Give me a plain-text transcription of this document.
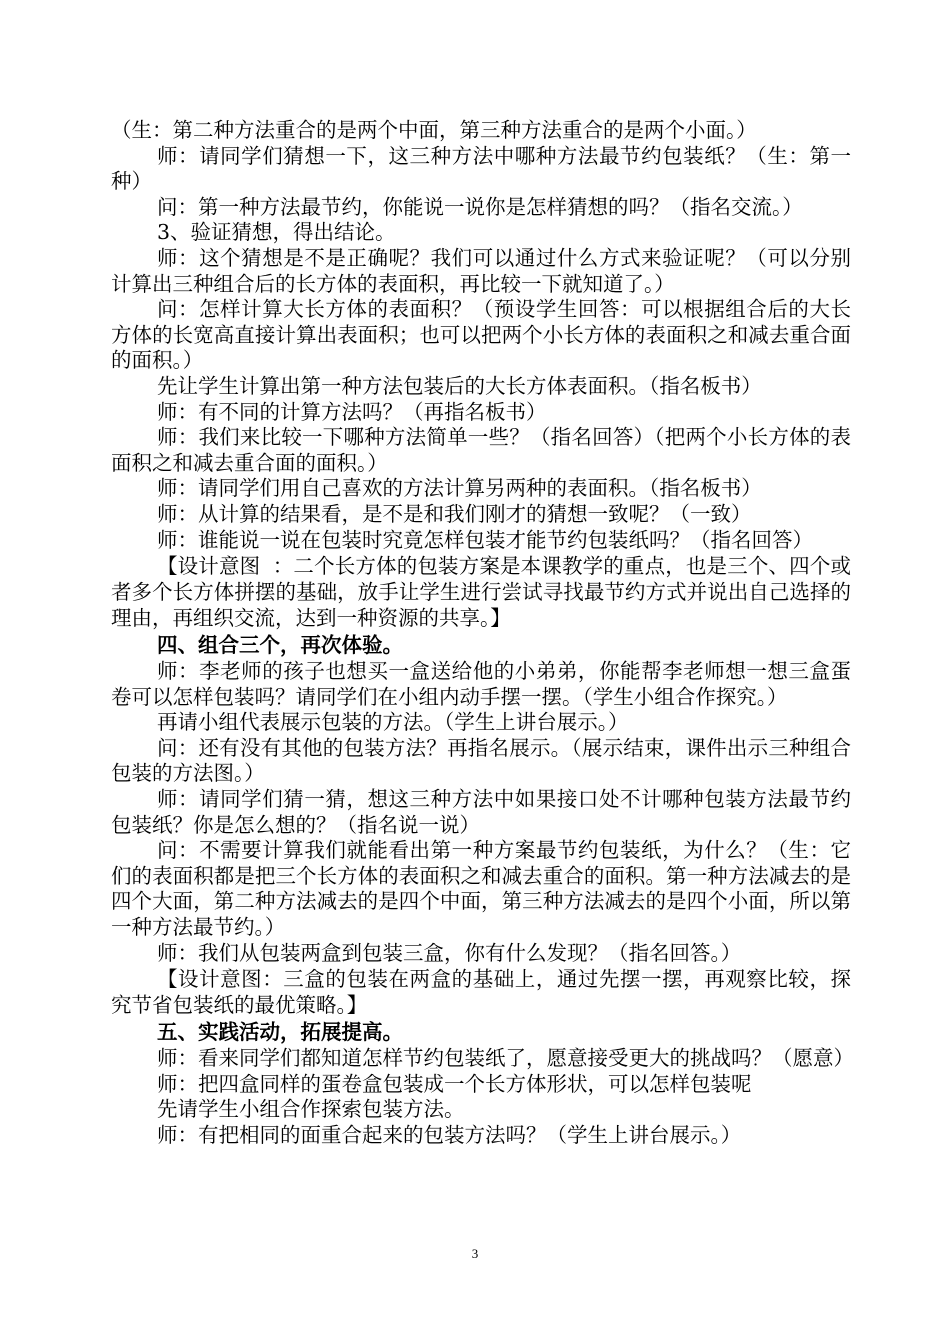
（生：第二种方法重合的是两个中面，第三种方法重合的是两个小面。）

师：请同学们猜想一下，这三种方法中哪种方法最节约包装纸？（生：第一种）

问：第一种方法最节约，你能说一说你是怎样猜想的吗？（指名交流。）

3、验证猜想，得出结论。

师：这个猜想是不是正确呢？我们可以通过什么方式来验证呢？（可以分别计算出三种组合后的长方体的表面积，再比较一下就知道了。）

问：怎样计算大长方体的表面积？（预设学生回答：可以根据组合后的大长方体的长宽高直接计算出表面积；也可以把两个小长方体的表面积之和减去重合面的面积。）

先让学生计算出第一种方法包装后的大长方体表面积。（指名板书）

师：有不同的计算方法吗？（再指名板书）

师：我们来比较一下哪种方法简单一些？（指名回答）（把两个小长方体的表面积之和减去重合面的面积。）

师：请同学们用自己喜欢的方法计算另两种的表面积。（指名板书）

师：从计算的结果看，是不是和我们刚才的猜想一致呢？（一致）

师：谁能说一说在包装时究竟怎样包装才能节约包装纸吗？（指名回答）

【设计意图 ：二个长方体的包装方案是本课教学的重点，也是三个、四个或者多个长方体拼摆的基础，放手让学生进行尝试寻找最节约方式并说出自己选择的理由，再组织交流，达到一种资源的共享。】

四、组合三个，再次体验。

师：李老师的孩子也想买一盒送给他的小弟弟，你能帮李老师想一想三盒蛋卷可以怎样包装吗？请同学们在小组内动手摆一摆。（学生小组合作探究。）

再请小组代表展示包装的方法。（学生上讲台展示。）

问：还有没有其他的包装方法？再指名展示。（展示结束，课件出示三种组合包装的方法图。）

师：请同学们猜一猜，想这三种方法中如果接口处不计哪种包装方法最节约包装纸？你是怎么想的？（指名说一说）

问：不需要计算我们就能看出第一种方案最节约包装纸，为什么？（生：它们的表面积都是把三个长方体的表面积之和减去重合的面积。第一种方法减去的是四个大面，第二种方法减去的是四个中面，第三种方法减去的是四个小面，所以第一种方法最节约。）

师：我们从包装两盒到包装三盒，你有什么发现？（指名回答。）

【设计意图：三盒的包装在两盒的基础上，通过先摆一摆，再观察比较，探究节省包装纸的最优策略。】

五、实践活动，拓展提高。

师：看来同学们都知道怎样节约包装纸了，愿意接受更大的挑战吗？（愿意）

师：把四盒同样的蛋卷盒包装成一个长方体形状，可以怎样包装呢

先请学生小组合作探索包装方法。

师：有把相同的面重合起来的包装方法吗？（学生上讲台展示。）

3
